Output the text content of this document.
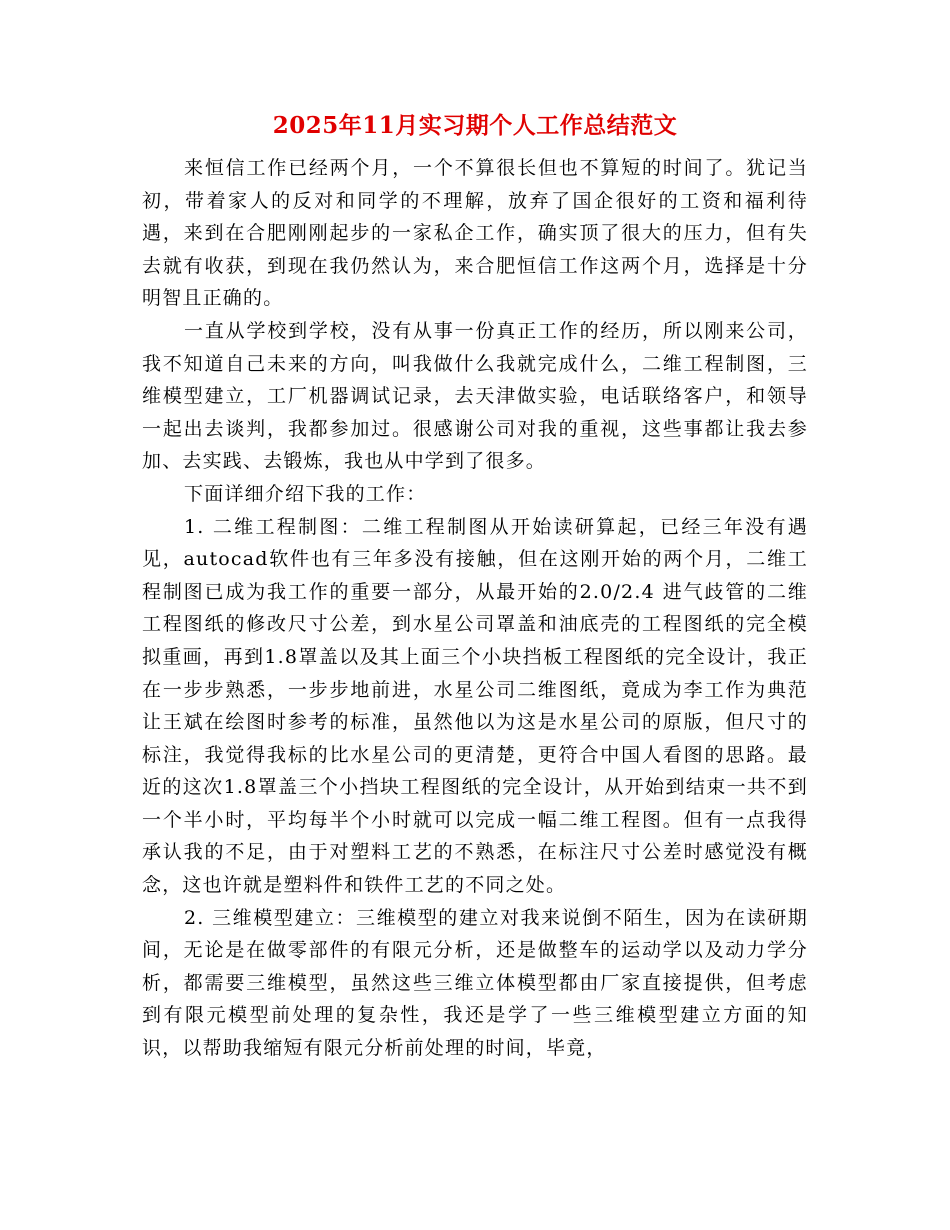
2025年11月实习期个人工作总结范文

来恒信工作已经两个月，一个不算很长但也不算短的时间了。犹记当初，带着家人的反对和同学的不理解，放弃了国企很好的工资和福利待遇，来到在合肥刚刚起步的一家私企工作，确实顶了很大的压力，但有失去就有收获，到现在我仍然认为，来合肥恒信工作这两个月，选择是十分明智且正确的。

一直从学校到学校，没有从事一份真正工作的经历，所以刚来公司，我不知道自己未来的方向，叫我做什么我就完成什么，二维工程制图，三维模型建立，工厂机器调试记录，去天津做实验，电话联络客户，和领导一起出去谈判，我都参加过。很感谢公司对我的重视，这些事都让我去参加、去实践、去锻炼，我也从中学到了很多。

下面详细介绍下我的工作：

1. 二维工程制图：二维工程制图从开始读研算起，已经三年没有遇见，autocad软件也有三年多没有接触，但在这刚开始的两个月，二维工程制图已成为我工作的重要一部分，从最开始的2.0/2.4 进气歧管的二维工程图纸的修改尺寸公差，到水星公司罩盖和油底壳的工程图纸的完全模拟重画，再到1.8罩盖以及其上面三个小块挡板工程图纸的完全设计，我正在一步步熟悉，一步步地前进，水星公司二维图纸，竟成为李工作为典范让王斌在绘图时参考的标准，虽然他以为这是水星公司的原版，但尺寸的标注，我觉得我标的比水星公司的更清楚，更符合中国人看图的思路。最近的这次1.8罩盖三个小挡块工程图纸的完全设计，从开始到结束一共不到一个半小时，平均每半个小时就可以完成一幅二维工程图。但有一点我得承认我的不足，由于对塑料工艺的不熟悉，在标注尺寸公差时感觉没有概念，这也许就是塑料件和铁件工艺的不同之处。

2. 三维模型建立：三维模型的建立对我来说倒不陌生，因为在读研期间，无论是在做零部件的有限元分析，还是做整车的运动学以及动力学分析，都需要三维模型，虽然这些三维立体模型都由厂家直接提供，但考虑到有限元模型前处理的复杂性，我还是学了一些三维模型建立方面的知识，以帮助我缩短有限元分析前处理的时间，毕竟，
